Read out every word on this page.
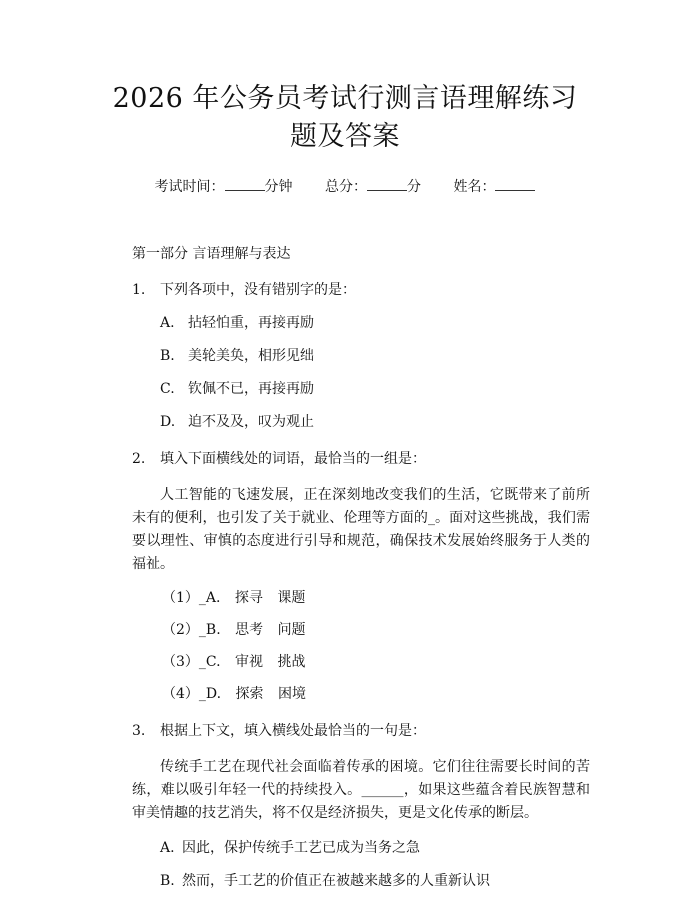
2026 年公务员考试行测言语理解练习题及答案
考试时间：	分钟 总分：	分 姓名：
第一部分 言语理解与表达
1.	下列各项中，没有错别字的是：
A. 拈轻怕重，再接再励
B. 美轮美奂，相形见绌
C. 钦佩不已，再接再励
D. 迫不及及，叹为观止
2.	填入下面横线处的词语，最恰当的一组是：
人工智能的飞速发展，正在深刻地改变我们的生活，它既带来了前所未有的便利，也引发了关于就业、伦理等方面的_。面对这些挑战，我们需要以理性、审慎的态度进行引导和规范，确保技术发展始终服务于人类的福祉。
（1）_A. 探寻 课题
（2）_B. 思考 问题
（3）_C. 审视 挑战
（4）_D. 探索 困境
3.	根据上下文，填入横线处最恰当的一句是：
传统手工艺在现代社会面临着传承的困境。它们往往需要长时间的苦练，难以吸引年轻一代的持续投入。______，如果这些蕴含着民族智慧和审美情趣的技艺消失，将不仅是经济损失，更是文化传承的断层。
A. 因此，保护传统手工艺已成为当务之急
B. 然而，手工艺的价值正在被越来越多的人重新认识
